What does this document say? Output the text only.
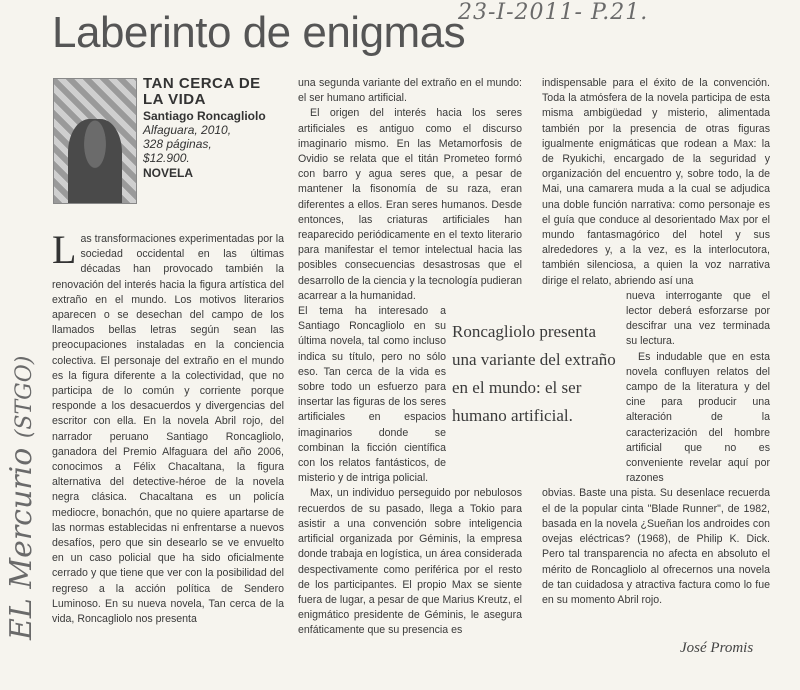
23-I-2011- P.21.
Laberinto de enigmas
EL Mercurio (STGO)
TAN CERCA DE LA VIDA
Santiago Roncagliolo
Alfaguara, 2010,
328 páginas,
$12.900.
NOVELA

Las transformaciones experimentadas por la sociedad occidental en las últimas décadas han provocado también la renovación del interés hacia la figura artística del extraño en el mundo. Los motivos literarios aparecen o se desechan del campo de los llamados bellas letras según sean las preocupaciones instaladas en la conciencia colectiva. El personaje del extraño en el mundo es la figura diferente a la colectividad, que no participa de lo común y corriente porque responde a los desacuerdos y divergencias del escritor con ella. En la novela Abril rojo, del narrador peruano Santiago Roncagliolo, ganadora del Premio Alfaguara del año 2006, conocimos a Félix Chacaltana, la figura alternativa del detective-héroe de la novela negra clásica. Chacaltana es un policía mediocre, bonachón, que no quiere apartarse de las normas establecidas ni enfrentarse a nuevos desafíos, pero que sin desearlo se ve envuelto en un caso policial que ha sido oficialmente cerrado y que tiene que ver con la posibilidad del regreso a la acción política de Sendero Luminoso. En su nueva novela, Tan cerca de la vida, Roncagliolo nos presenta

una segunda variante del extraño en el mundo: el ser humano artificial.

El origen del interés hacia los seres artificiales es antiguo como el discurso imaginario mismo. En las Metamorfosis de Ovidio se relata que el titán Prometeo formó con barro y agua seres que, a pesar de mantener la fisonomía de su raza, eran diferentes a ellos. Eran seres humanos. Desde entonces, las criaturas artificiales han reaparecido periódicamente en el texto literario para manifestar el temor intelectual hacia las posibles consecuencias desastrosas que el desarrollo de la ciencia y la tecnología pudieran acarrear a la humanidad.

El tema ha interesado a Santiago Roncagliolo en su última novela, tal como incluso indica su título, pero no sólo eso. Tan cerca de la vida es sobre todo un esfuerzo para insertar las figuras de los seres artificiales en espacios imaginarios donde se combinan la ficción científica con los relatos fantásticos, de misterio y de intriga policial.

Max, un individuo perseguido por nebulosos recuerdos de su pasado, llega a Tokio para asistir a una convención sobre inteligencia artificial organizada por Géminis, la empresa donde trabaja en logística, un área considerada despectivamente como periférica por el resto de los participantes. El propio Max se siente fuera de lugar, a pesar de que Marius Kreutz, el enigmático presidente de Géminis, le asegura enfáticamente que su presencia es

indispensable para el éxito de la convención. Toda la atmósfera de la novela participa de esta misma ambigüedad y misterio, alimentada también por la presencia de otras figuras igualmente enigmáticas que rodean a Max: la de Ryukichi, encargado de la seguridad y organización del encuentro y, sobre todo, la de Mai, una camarera muda a la cual se adjudica una doble función narrativa: como personaje es el guía que conduce al desorientado Max por el mundo fantasmagórico del hotel y sus alrededores y, a la vez, es la interlocutora, también silenciosa, a quien la voz narrativa dirige el relato, abriendo así una

nueva interrogante que el lector deberá esforzarse por descifrar una vez terminada su lectura.

Es indudable que en esta novela confluyen relatos del campo de la literatura y del cine para producir una alteración de la caracterización del hombre artificial que no es conveniente revelar aquí por razones

obvias. Baste una pista. Su desenlace recuerda el de la popular cinta "Blade Runner", de 1982, basada en la novela ¿Sueñan los androides con ovejas eléctricas? (1968), de Philip K. Dick. Pero tal transparencia no afecta en absoluto el mérito de Roncagliolo al ofrecernos una novela de tan cuidadosa y atractiva factura como lo fue en su momento Abril rojo.

Roncagliolo presenta una variante del extraño en el mundo: el ser humano artificial.
José Promis
